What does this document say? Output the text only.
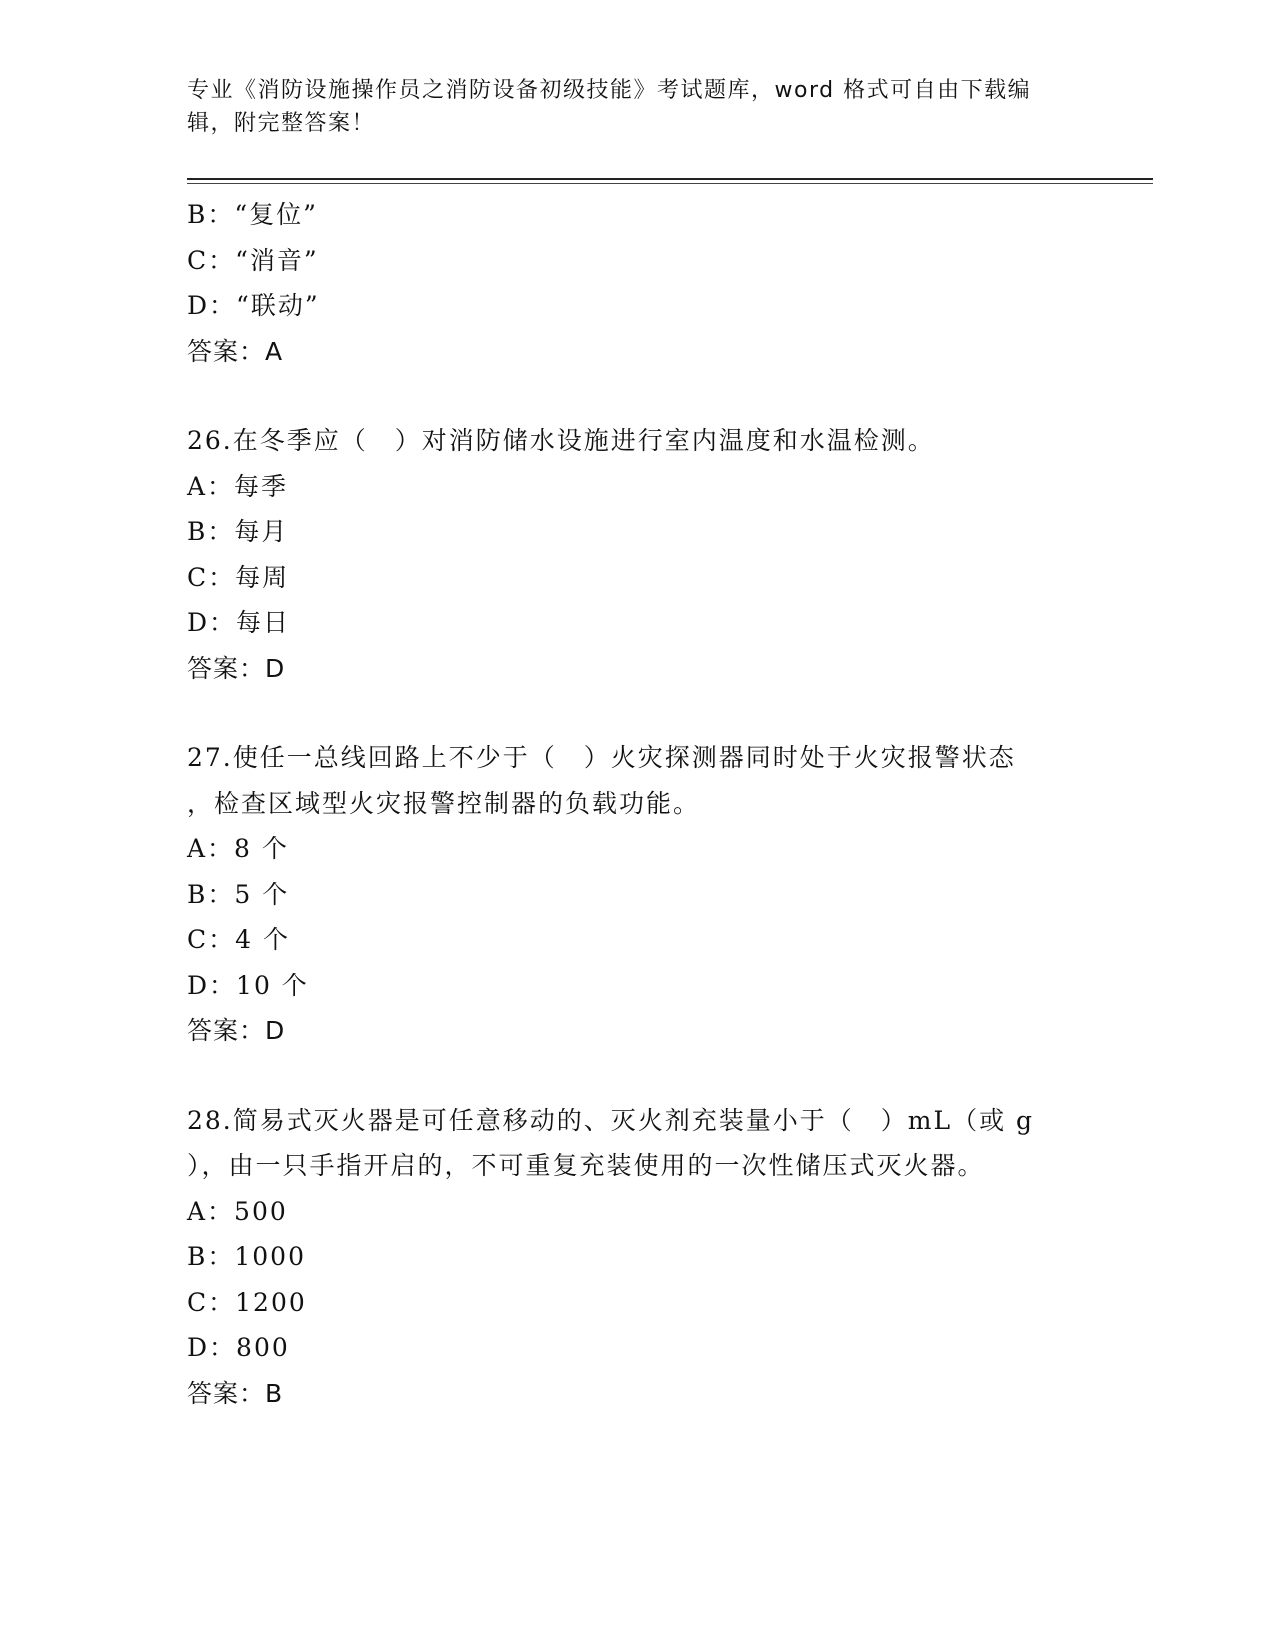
专业《消防设施操作员之消防设备初级技能》考试题库，word 格式可自由下载编
辑，附完整答案！
B：“复位”
C：“消音”
D：“联动”
答案：A
26.在冬季应（　）对消防储水设施进行室内温度和水温检测。
A：每季
B：每月
C：每周
D：每日
答案：D
27.使任一总线回路上不少于（　）火灾探测器同时处于火灾报警状态
，检查区域型火灾报警控制器的负载功能。
A：8 个
B：5 个
C：4 个
D：10 个
答案：D
28.简易式灭火器是可任意移动的、灭火剂充装量小于（　）mL（或 g
），由一只手指开启的，不可重复充装使用的一次性储压式灭火器。
A：500
B：1000
C：1200
D：800
答案：B
